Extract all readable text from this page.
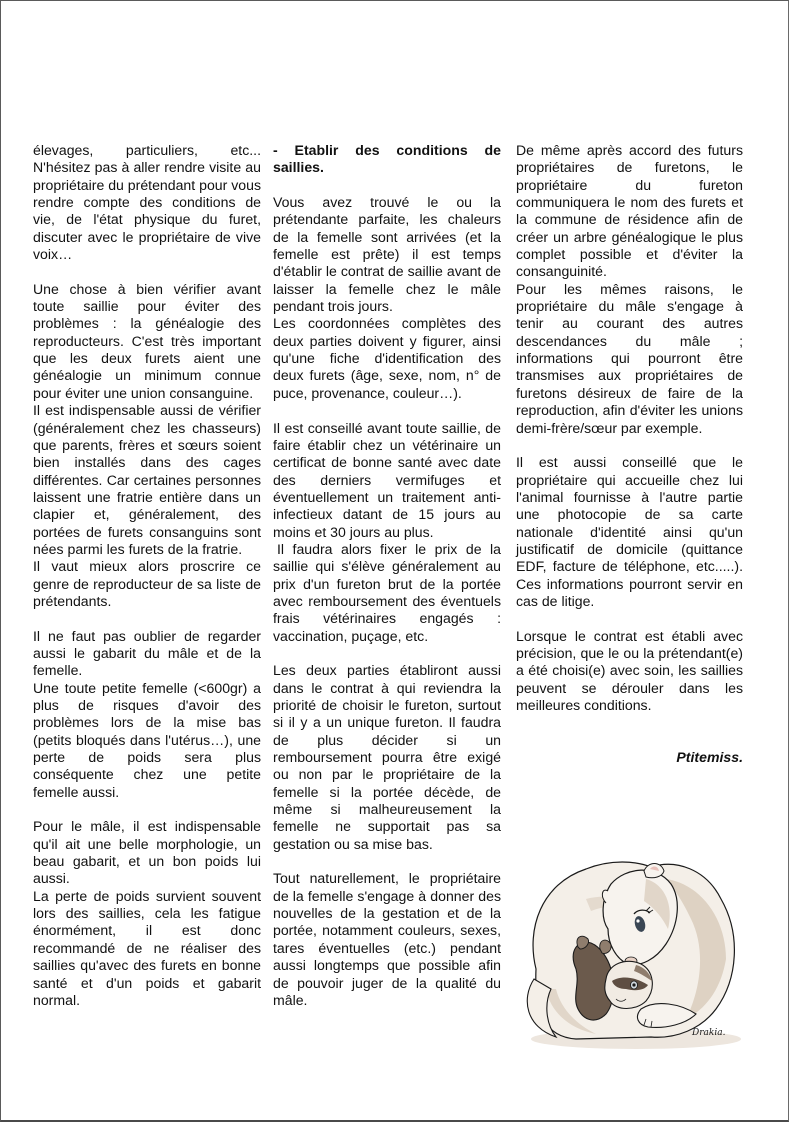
élevages, particuliers, etc... N'hésitez pas à aller rendre visite au propriétaire du prétendant pour vous rendre compte des conditions de vie, de l'état physique du furet, discuter avec le propriétaire de vive voix…

Une chose à bien vérifier avant toute saillie pour éviter des problèmes : la généalogie des reproducteurs. C'est très important que les deux furets aient une généalogie un minimum connue pour éviter une union consanguine.

Il est indispensable aussi de vérifier (généralement chez les chasseurs) que parents, frères et sœurs soient bien installés dans des cages différentes. Car certaines personnes laissent une fratrie entière dans un clapier et, généralement, des portées de furets consanguins sont nées parmi les furets de la fratrie.

Il vaut mieux alors proscrire ce genre de reproducteur de sa liste de prétendants.

Il ne faut pas oublier de regarder aussi le gabarit du mâle et de la femelle.

Une toute petite femelle (<600gr) a plus de risques d'avoir des problèmes lors de la mise bas (petits bloqués dans l'utérus…), une perte de poids sera plus conséquente chez une petite femelle aussi.

Pour le mâle, il est indispensable qu'il ait une belle morphologie, un beau gabarit, et un bon poids lui aussi.

La perte de poids survient souvent lors des saillies, cela les fatigue énormément, il est donc recommandé de ne réaliser des saillies qu'avec des furets en bonne santé et d'un poids et gabarit normal.

- Etablir des conditions de saillies.

Vous avez trouvé le ou la prétendante parfaite, les chaleurs de la femelle sont arrivées (et la femelle est prête) il est temps d'établir le contrat de saillie avant de laisser la femelle chez le mâle pendant trois jours.

Les coordonnées complètes des deux parties doivent y figurer, ainsi qu'une fiche d'identification des deux furets (âge, sexe, nom, n° de puce, provenance, couleur…).

Il est conseillé avant toute saillie, de faire établir chez un vétérinaire un certificat de bonne santé avec date des derniers vermifuges et éventuellement un traitement anti-infectieux datant de 15 jours au moins et 30 jours au plus.

Il faudra alors fixer le prix de la saillie qui s'élève généralement au prix d'un fureton brut de la portée avec remboursement des éventuels frais vétérinaires engagés : vaccination, puçage, etc.

Les deux parties établiront aussi dans le contrat à qui reviendra la priorité de choisir le fureton, surtout si il y a un unique fureton. Il faudra de plus décider si un remboursement pourra être exigé ou non par le propriétaire de la femelle si la portée décède, de même si malheureusement la femelle ne supportait pas sa gestation ou sa mise bas.

Tout naturellement, le propriétaire de la femelle s'engage à donner des nouvelles de la gestation et de la portée, notamment couleurs, sexes, tares éventuelles (etc.) pendant aussi longtemps que possible afin de pouvoir juger de la qualité du mâle.

De même après accord des futurs propriétaires de furetons, le propriétaire du fureton communiquera le nom des furets et la commune de résidence afin de créer un arbre généalogique le plus complet possible et d'éviter la consanguinité.

Pour les mêmes raisons, le propriétaire du mâle s'engage à tenir au courant des autres descendances du mâle ; informations qui pourront être transmises aux propriétaires de furetons désireux de faire de la reproduction, afin d'éviter les unions demi-frère/sœur par exemple.

Il est aussi conseillé que le propriétaire qui accueille chez lui l'animal fournisse à l'autre partie une photocopie de sa carte nationale d'identité ainsi qu'un justificatif de domicile (quittance EDF, facture de téléphone, etc.....). Ces informations pourront servir en cas de litige.

Lorsque le contrat est établi avec précision, que le ou la prétendant(e) a été choisi(e) avec soin, les saillies peuvent se dérouler dans les meilleures conditions.

Ptitemiss.

Drakia.
